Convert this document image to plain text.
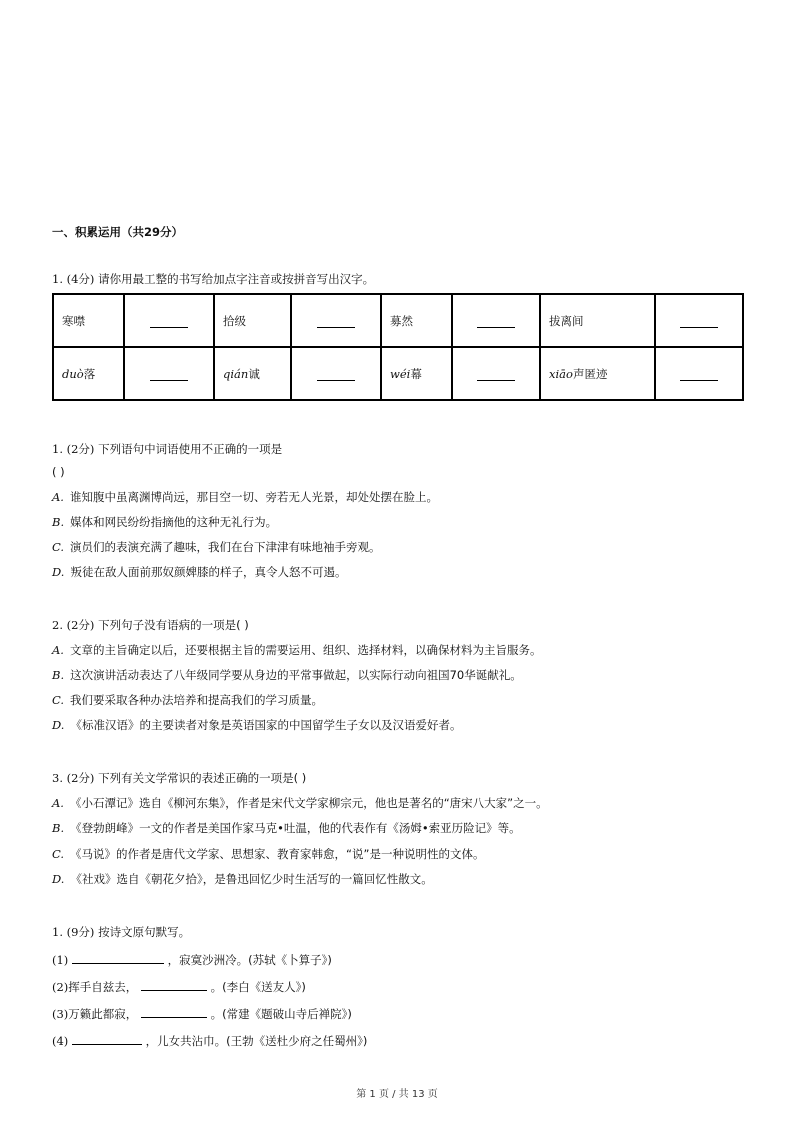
一、积累运用（共29分）
1. (4分) 请你用最工整的书写给加点字注音或按拼音写出汉字。
寒噤		拾级		募然		拔离间	
duò落		qián诚		wéi幕		xiāo声匿迹	
1. (2分) 下列语句中词语使用不正确的一项是
( )
A. 谁知腹中虽离渊博尚远，那目空一切、旁若无人光景，却处处摆在脸上。
B. 媒体和网民纷纷指摘他的这种无礼行为。
C. 演员们的表演充满了趣味，我们在台下津津有味地袖手旁观。
D. 叛徒在敌人面前那奴颜婢膝的样子，真令人怒不可遏。
2. (2分) 下列句子没有语病的一项是( )
A. 文章的主旨确定以后，还要根据主旨的需要运用、组织、选择材料，以确保材料为主旨服务。
B. 这次演讲活动表达了八年级同学要从身边的平常事做起，以实际行动向祖国70华诞献礼。
C. 我们要采取各种办法培养和提高我们的学习质量。
D. 《标准汉语》的主要读者对象是英语国家的中国留学生子女以及汉语爱好者。
3. (2分) 下列有关文学常识的表述正确的一项是( )
A. 《小石潭记》选自《柳河东集》，作者是宋代文学家柳宗元，他也是著名的“唐宋八大家”之一。
B. 《登勃朗峰》一文的作者是美国作家马克•吐温，他的代表作有《汤姆•索亚历险记》等。
C. 《马说》的作者是唐代文学家、思想家、教育家韩愈，“说”是一种说明性的文体。
D. 《社戏》选自《朝花夕拾》，是鲁迅回忆少时生活写的一篇回忆性散文。
1. (9分) 按诗文原句默写。
(1)	，寂寞沙洲冷。(苏轼《卜算子》)
(2)挥手自兹去，	。(李白《送友人》)
(3)万籁此都寂，	。(常建《题破山寺后禅院》)
(4)	，儿女共沾巾。(王勃《送杜少府之任蜀州》)
第 1 页 / 共 13 页
